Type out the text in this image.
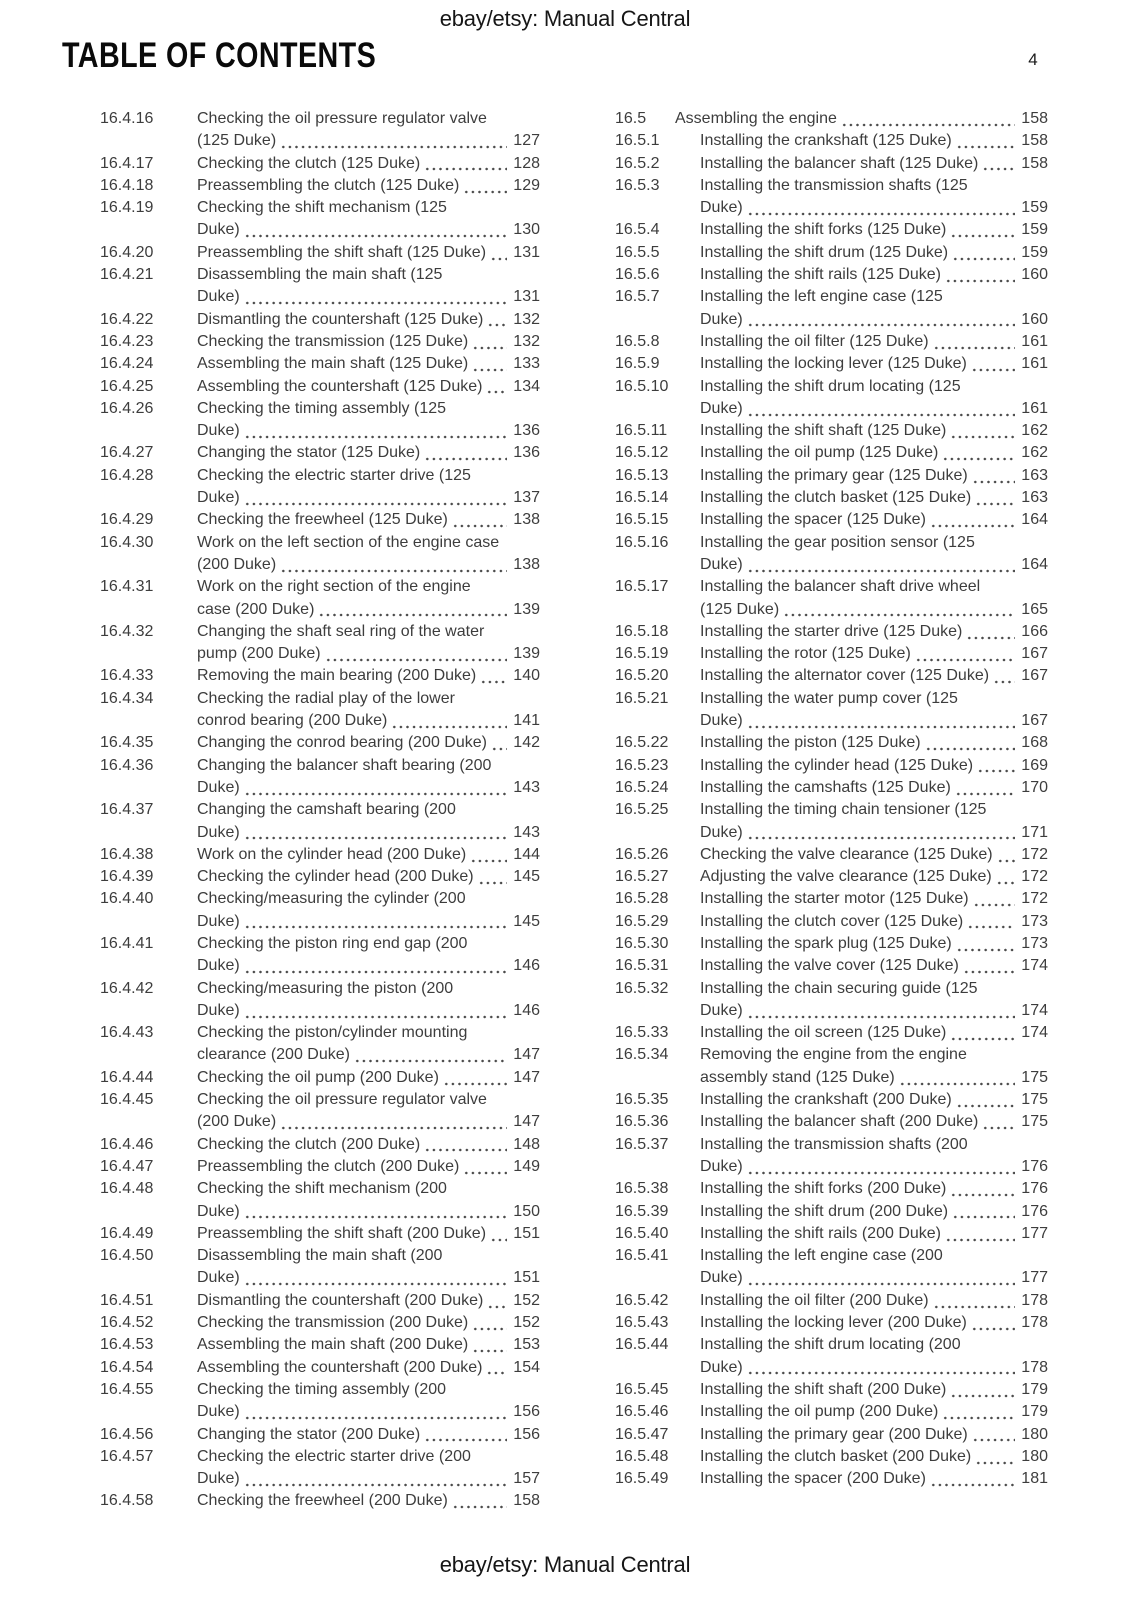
ebay/etsy: Manual Central
TABLE OF CONTENTS	4
16.4.16	Checking the oil pressure regulator valve
(125 Duke)	127
16.4.17	Checking the clutch (125 Duke)	128
16.4.18	Preassembling the clutch (125 Duke)	129
16.4.19	Checking the shift mechanism (125
Duke)	130
16.4.20	Preassembling the shift shaft (125 Duke) 131
16.4.21	Disassembling the main shaft (125
Duke)	131
16.4.22	Dismantling the countershaft (125 Duke) 132
16.4.23	Checking the transmission (125 Duke)	132
16.4.24	Assembling the main shaft (125 Duke)	133
16.4.25	Assembling the countershaft (125 Duke) 134
16.4.26	Checking the timing assembly (125
Duke)	136
16.4.27	Changing the stator (125 Duke)	136
16.4.28	Checking the electric starter drive (125
Duke)	137
16.4.29	Checking the freewheel (125 Duke)	138
16.4.30	Work on the left section of the engine case
(200 Duke)	138
16.4.31	Work on the right section of the engine
case (200 Duke)	139
16.4.32	Changing the shaft seal ring of the water
pump (200 Duke)	139
16.4.33	Removing the main bearing (200 Duke) 140
16.4.34	Checking the radial play of the lower
conrod bearing (200 Duke)	141
16.4.35	Changing the conrod bearing (200 Duke) 142
16.4.36	Changing the balancer shaft bearing (200
Duke)	143
16.4.37	Changing the camshaft bearing (200
Duke)	143
16.4.38	Work on the cylinder head (200 Duke)	144
16.4.39	Checking the cylinder head (200 Duke) 145
16.4.40	Checking/measuring the cylinder (200
Duke)	145
16.4.41	Checking the piston ring end gap (200
Duke)	146
16.4.42	Checking/measuring the piston (200
Duke)	146
16.4.43	Checking the piston/cylinder mounting
clearance (200 Duke)	147
16.4.44	Checking the oil pump (200 Duke)	147
16.4.45	Checking the oil pressure regulator valve
(200 Duke)	147
16.4.46	Checking the clutch (200 Duke)	148
16.4.47	Preassembling the clutch (200 Duke)	149
16.4.48	Checking the shift mechanism (200
Duke)	150
16.4.49	Preassembling the shift shaft (200 Duke) 151
16.4.50	Disassembling the main shaft (200
Duke)	151
16.4.51	Dismantling the countershaft (200 Duke) 152
16.4.52	Checking the transmission (200 Duke)	152
16.4.53	Assembling the main shaft (200 Duke)	153
16.4.54	Assembling the countershaft (200 Duke) 154
16.4.55	Checking the timing assembly (200
Duke)	156
16.4.56	Changing the stator (200 Duke)	156
16.4.57	Checking the electric starter drive (200
Duke)	157
16.4.58	Checking the freewheel (200 Duke)	158
16.5	Assembling the engine	158
16.5.1	Installing the crankshaft (125 Duke)	158
16.5.2	Installing the balancer shaft (125 Duke)	158
16.5.3	Installing the transmission shafts (125
Duke)	159
16.5.4	Installing the shift forks (125 Duke)	159
16.5.5	Installing the shift drum (125 Duke)	159
16.5.6	Installing the shift rails (125 Duke)	160
16.5.7	Installing the left engine case (125
Duke)	160
16.5.8	Installing the oil filter (125 Duke)	161
16.5.9	Installing the locking lever (125 Duke)	161
16.5.10	Installing the shift drum locating (125
Duke)	161
16.5.11	Installing the shift shaft (125 Duke)	162
16.5.12	Installing the oil pump (125 Duke)	162
16.5.13	Installing the primary gear (125 Duke)	163
16.5.14	Installing the clutch basket (125 Duke)	163
16.5.15	Installing the spacer (125 Duke)	164
16.5.16	Installing the gear position sensor (125
Duke)	164
16.5.17	Installing the balancer shaft drive wheel
(125 Duke)	165
16.5.18	Installing the starter drive (125 Duke)	166
16.5.19	Installing the rotor (125 Duke)	167
16.5.20	Installing the alternator cover (125 Duke) 167
16.5.21	Installing the water pump cover (125
Duke)	167
16.5.22	Installing the piston (125 Duke)	168
16.5.23	Installing the cylinder head (125 Duke)	169
16.5.24	Installing the camshafts (125 Duke)	170
16.5.25	Installing the timing chain tensioner (125
Duke)	171
16.5.26	Checking the valve clearance (125 Duke) 172
16.5.27	Adjusting the valve clearance (125 Duke) 172
16.5.28	Installing the starter motor (125 Duke)	172
16.5.29	Installing the clutch cover (125 Duke)	173
16.5.30	Installing the spark plug (125 Duke)	173
16.5.31	Installing the valve cover (125 Duke)	174
16.5.32	Installing the chain securing guide (125
Duke)	174
16.5.33	Installing the oil screen (125 Duke)	174
16.5.34	Removing the engine from the engine
assembly stand (125 Duke)	175
16.5.35	Installing the crankshaft (200 Duke)	175
16.5.36	Installing the balancer shaft (200 Duke)	175
16.5.37	Installing the transmission shafts (200
Duke)	176
16.5.38	Installing the shift forks (200 Duke)	176
16.5.39	Installing the shift drum (200 Duke)	176
16.5.40	Installing the shift rails (200 Duke)	177
16.5.41	Installing the left engine case (200
Duke)	177
16.5.42	Installing the oil filter (200 Duke)	178
16.5.43	Installing the locking lever (200 Duke)	178
16.5.44	Installing the shift drum locating (200
Duke)	178
16.5.45	Installing the shift shaft (200 Duke)	179
16.5.46	Installing the oil pump (200 Duke)	179
16.5.47	Installing the primary gear (200 Duke)	180
16.5.48	Installing the clutch basket (200 Duke)	180
16.5.49	Installing the spacer (200 Duke)	181
ebay/etsy: Manual Central
